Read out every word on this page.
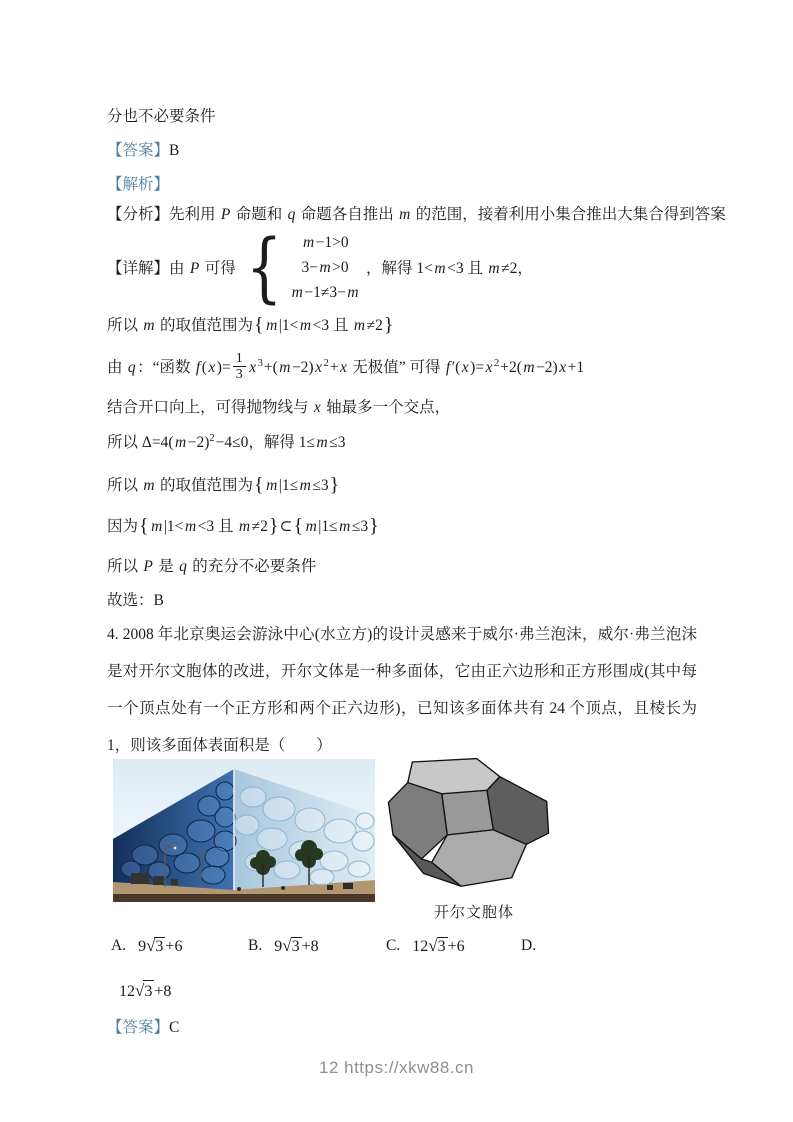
分也不必要条件
【答案】B
【解析】
【分析】先利用 P 命题和 q 命题各自推出 m 的范围，接着利用小集合推出大集合得到答案
【详解】 由 P 可得 { m−1>0
3−m>0
m−1≠3−m
，解得 1<m<3 且 m≠2，
所以 m 的取值范围为{ m|1<m<3 且 m≠2}
由 q：“函数 $f(x)= \frac{1}{3}$ x $^3$+(m−2)x $^2$+x 无极值” 可得 f′(x)=x $^2$+2(m−2)x+1
结合开口向上，可得抛物线与 x 轴最多一个交点，
所以 $\Delta=4(m-2)^2-4\le 0$，解得 1≤m≤3
所以 m 的取值范围为{ m|1≤m≤3}
因为{ m|1<m<3 且 m≠2}⊂{ m|1≤m≤3}
所以 P 是 q 的充分不必要条件
故选：B
4. 2008 年北京奥运会游泳中心(水立方)的设计灵感来于威尔·弗兰泡沫，威尔·弗兰泡沫是对开尔文胞体的改进，开尔文体是一种多面体，它由正六边形和正方形围成(其中每一个顶点处有一个正方形和两个正六边形)，已知该多面体共有 24 个顶点，且棱长为 1，则该多面体表面积是（　　）
开尔文胞体
A. 9 √ 3 +6	B. 9 √ 3 +8	C. 12 √ 3 +6	D.
12 √ 3 +8
【答案】C
12 https://xkw88.cn
